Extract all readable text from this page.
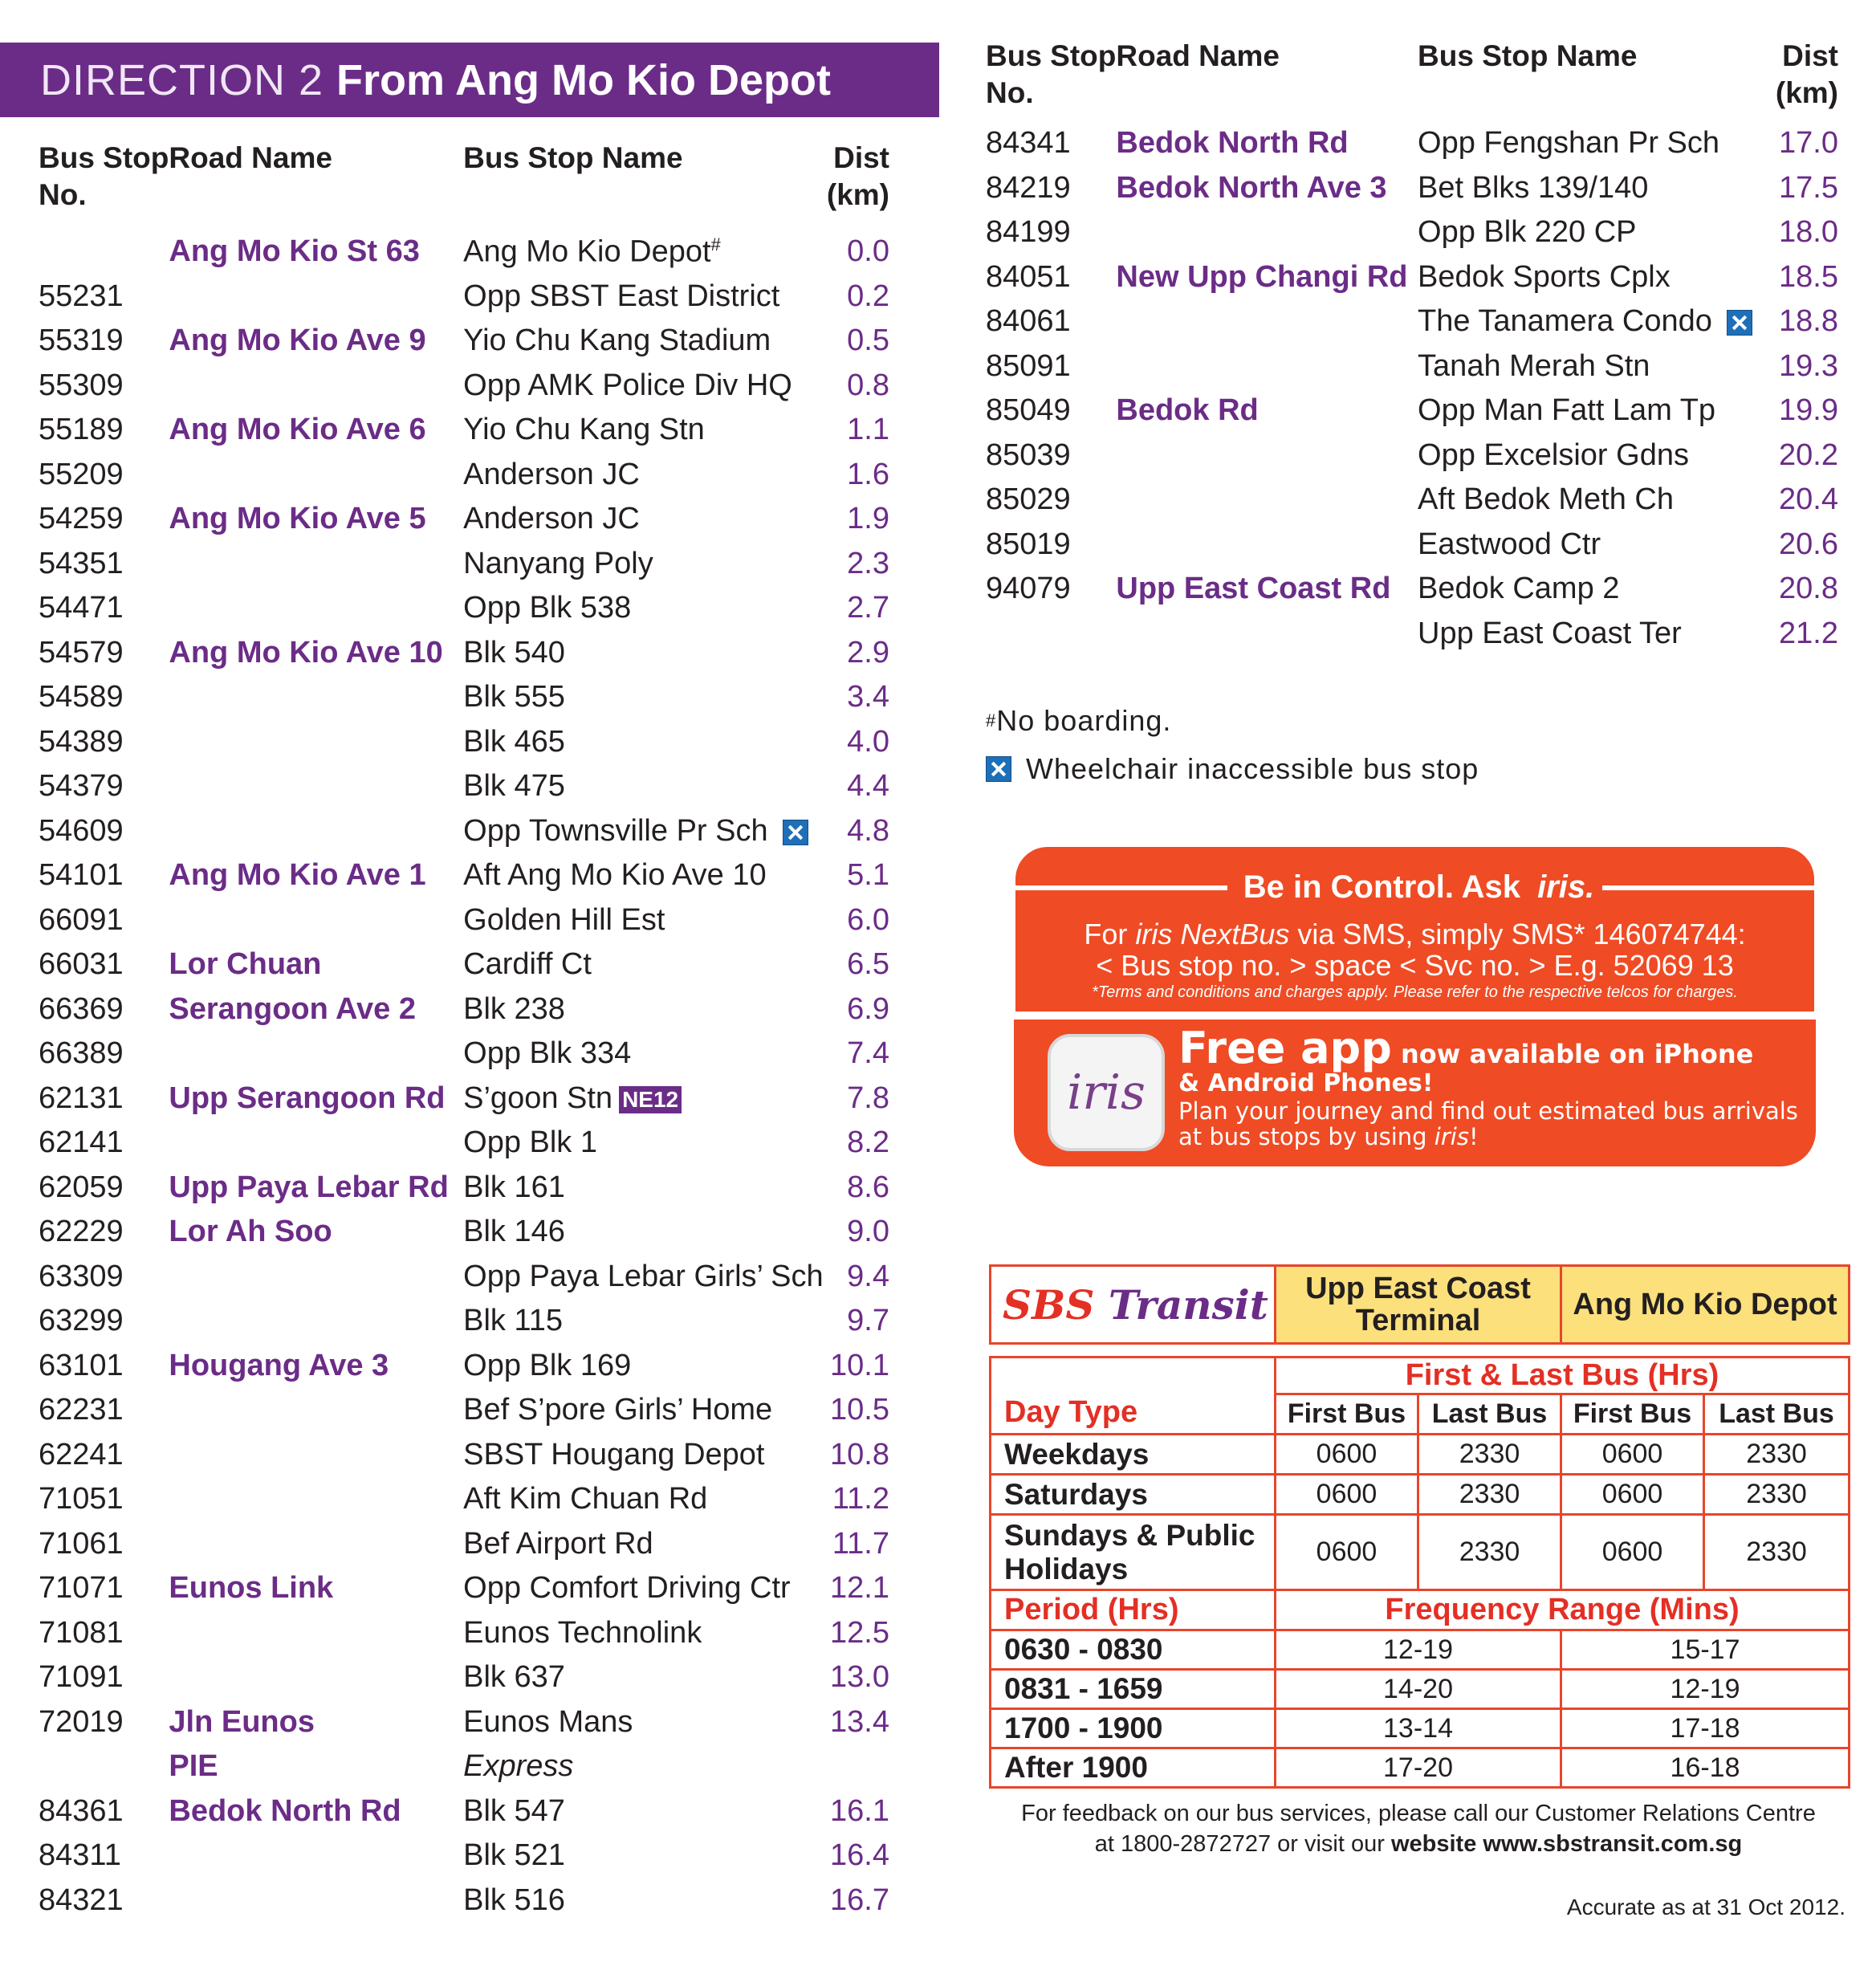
DIRECTION 2 From Ang Mo Kio Depot
Bus Stop
No.	Road Name	Bus Stop Name	Dist
(km)
	Ang Mo Kio St 63	Ang Mo Kio Depot#	0.0
55231		Opp SBST East District	0.2
55319	Ang Mo Kio Ave 9	Yio Chu Kang Stadium	0.5
55309		Opp AMK Police Div HQ	0.8
55189	Ang Mo Kio Ave 6	Yio Chu Kang Stn	1.1
55209		Anderson JC	1.6
54259	Ang Mo Kio Ave 5	Anderson JC	1.9
54351		Nanyang Poly	2.3
54471		Opp Blk 538	2.7
54579	Ang Mo Kio Ave 10	Blk 540	2.9
54589		Blk 555	3.4
54389		Blk 465	4.0
54379		Blk 475	4.4
54609		Opp Townsville Pr Sch	4.8
54101	Ang Mo Kio Ave 1	Aft Ang Mo Kio Ave 10	5.1
66091		Golden Hill Est	6.0
66031	Lor Chuan	Cardiff Ct	6.5
66369	Serangoon Ave 2	Blk 238	6.9
66389		Opp Blk 334	7.4
62131	Upp Serangoon Rd	S’goon Stn NE12	7.8
62141		Opp Blk 1	8.2
62059	Upp Paya Lebar Rd	Blk 161	8.6
62229	Lor Ah Soo	Blk 146	9.0
63309		Opp Paya Lebar Girls’ Sch	9.4
63299		Blk 115	9.7
63101	Hougang Ave 3	Opp Blk 169	10.1
62231		Bef S’pore Girls’ Home	10.5
62241		SBST Hougang Depot	10.8
71051		Aft Kim Chuan Rd	11.2
71061		Bef Airport Rd	11.7
71071	Eunos Link	Opp Comfort Driving Ctr	12.1
71081		Eunos Technolink	12.5
71091		Blk 637	13.0
72019	Jln Eunos	Eunos Mans	13.4
	PIE	Express	
84361	Bedok North Rd	Blk 547	16.1
84311		Blk 521	16.4
84321		Blk 516	16.7
Bus Stop
No.	Road Name	Bus Stop Name	Dist
(km)
84341	Bedok North Rd	Opp Fengshan Pr Sch	17.0
84219	Bedok North Ave 3	Bet Blks 139/140	17.5
84199		Opp Blk 220 CP	18.0
84051	New Upp Changi Rd	Bedok Sports Cplx	18.5
84061		The Tanamera Condo	18.8
85091		Tanah Merah Stn	19.3
85049	Bedok Rd	Opp Man Fatt Lam Tp	19.9
85039		Opp Excelsior Gdns	20.2
85029		Aft Bedok Meth Ch	20.4
85019		Eastwood Ctr	20.6
94079	Upp East Coast Rd	Bedok Camp 2	20.8
		Upp East Coast Ter	21.2
# No boarding.
Wheelchair inaccessible bus stop
Be in Control. Ask iris.
For iris NextBus via SMS, simply SMS* 146074744:
< Bus stop no. > space < Svc no. > E.g. 52069 13
*Terms and conditions and charges apply. Please refer to the respective telcos for charges.
iris
Free app now available on iPhone
& Android Phones!
Plan your journey and find out estimated bus arrivals
at bus stops by using iris!
SBS Transit	Upp East Coast Terminal		Ang Mo Kio Depot	

Day Type	First & Last Bus (Hrs)			
	First Bus	Last Bus	First Bus	Last Bus
Weekdays	0600	2330	0600	2330
Saturdays	0600	2330	0600	2330
Sundays & Public Holidays	0600	2330	0600	2330
Period (Hrs)	Frequency Range (Mins)			
0630 - 0830	12-19		15-17	
0831 - 1659	14-20		12-19	
1700 - 1900	13-14		17-18	
After 1900	17-20		16-18	
For feedback on our bus services, please call our Customer Relations Centre
at 1800-2872727 or visit our website www.sbstransit.com.sg
Accurate as at 31 Oct 2012.
